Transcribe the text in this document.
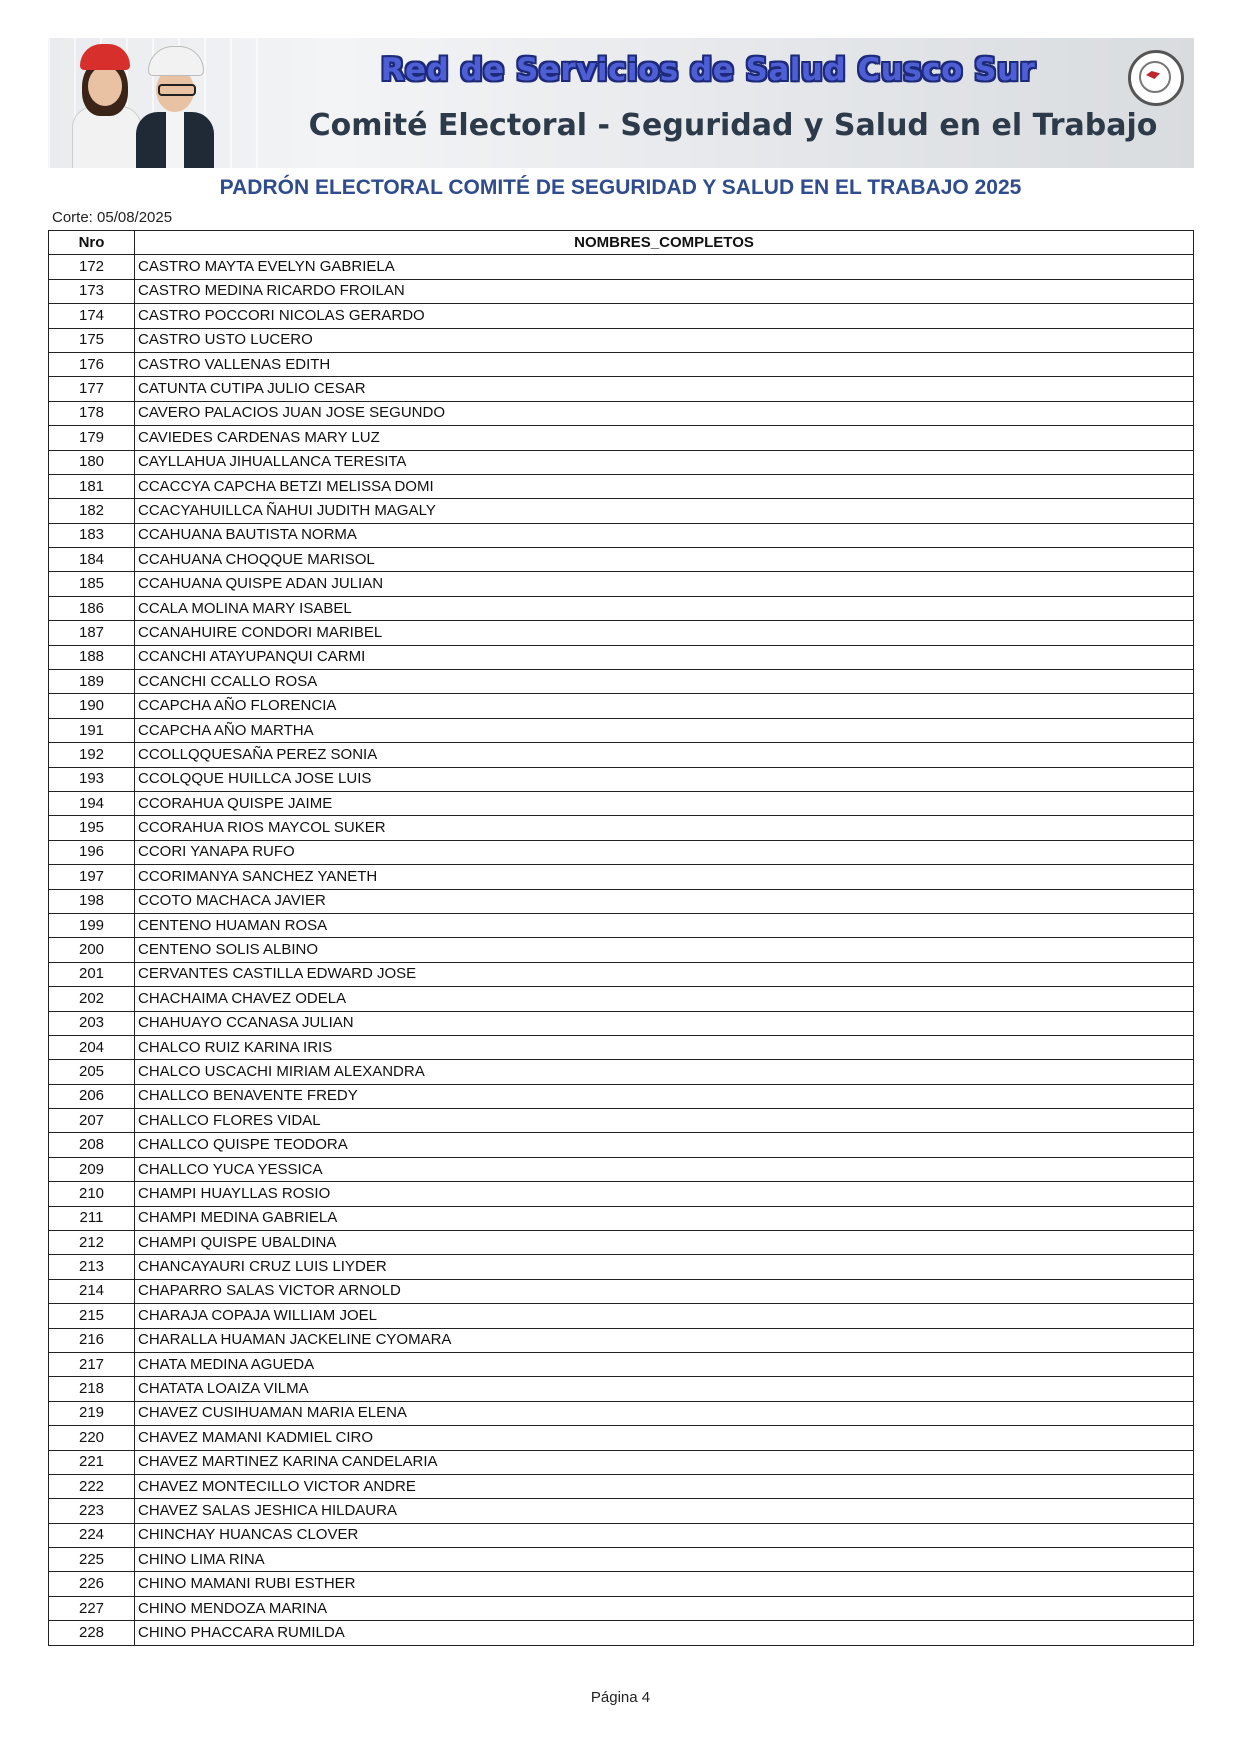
Red de Servicios de Salud Cusco Sur
Comité Electoral - Seguridad y Salud en el Trabajo
PADRÓN ELECTORAL COMITÉ DE SEGURIDAD Y SALUD EN EL TRABAJO 2025
Corte: 05/08/2025
Nro	NOMBRES_COMPLETOS
172	CASTRO MAYTA EVELYN GABRIELA
173	CASTRO MEDINA RICARDO FROILAN
174	CASTRO POCCORI NICOLAS GERARDO
175	CASTRO USTO LUCERO
176	CASTRO VALLENAS EDITH
177	CATUNTA CUTIPA JULIO CESAR
178	CAVERO PALACIOS JUAN JOSE SEGUNDO
179	CAVIEDES CARDENAS MARY LUZ
180	CAYLLAHUA JIHUALLANCA TERESITA
181	CCACCYA CAPCHA BETZI MELISSA DOMI
182	CCACYAHUILLCA ÑAHUI JUDITH MAGALY
183	CCAHUANA BAUTISTA NORMA
184	CCAHUANA CHOQQUE MARISOL
185	CCAHUANA QUISPE ADAN JULIAN
186	CCALA MOLINA MARY ISABEL
187	CCANAHUIRE CONDORI MARIBEL
188	CCANCHI ATAYUPANQUI CARMI
189	CCANCHI CCALLO ROSA
190	CCAPCHA AÑO FLORENCIA
191	CCAPCHA AÑO MARTHA
192	CCOLLQQUESAÑA PEREZ SONIA
193	CCOLQQUE HUILLCA JOSE LUIS
194	CCORAHUA QUISPE JAIME
195	CCORAHUA RIOS MAYCOL SUKER
196	CCORI YANAPA RUFO
197	CCORIMANYA SANCHEZ YANETH
198	CCOTO MACHACA JAVIER
199	CENTENO HUAMAN ROSA
200	CENTENO SOLIS ALBINO
201	CERVANTES CASTILLA EDWARD JOSE
202	CHACHAIMA CHAVEZ ODELA
203	CHAHUAYO CCANASA JULIAN
204	CHALCO RUIZ KARINA IRIS
205	CHALCO USCACHI MIRIAM ALEXANDRA
206	CHALLCO BENAVENTE FREDY
207	CHALLCO FLORES VIDAL
208	CHALLCO QUISPE TEODORA
209	CHALLCO YUCA YESSICA
210	CHAMPI HUAYLLAS ROSIO
211	CHAMPI MEDINA GABRIELA
212	CHAMPI QUISPE UBALDINA
213	CHANCAYAURI CRUZ LUIS LIYDER
214	CHAPARRO SALAS VICTOR ARNOLD
215	CHARAJA COPAJA WILLIAM JOEL
216	CHARALLA HUAMAN JACKELINE CYOMARA
217	CHATA MEDINA AGUEDA
218	CHATATA LOAIZA VILMA
219	CHAVEZ CUSIHUAMAN MARIA ELENA
220	CHAVEZ MAMANI KADMIEL CIRO
221	CHAVEZ MARTINEZ KARINA CANDELARIA
222	CHAVEZ MONTECILLO VICTOR ANDRE
223	CHAVEZ SALAS JESHICA HILDAURA
224	CHINCHAY HUANCAS CLOVER
225	CHINO LIMA RINA
226	CHINO MAMANI RUBI ESTHER
227	CHINO MENDOZA MARINA
228	CHINO PHACCARA RUMILDA
Página 4
